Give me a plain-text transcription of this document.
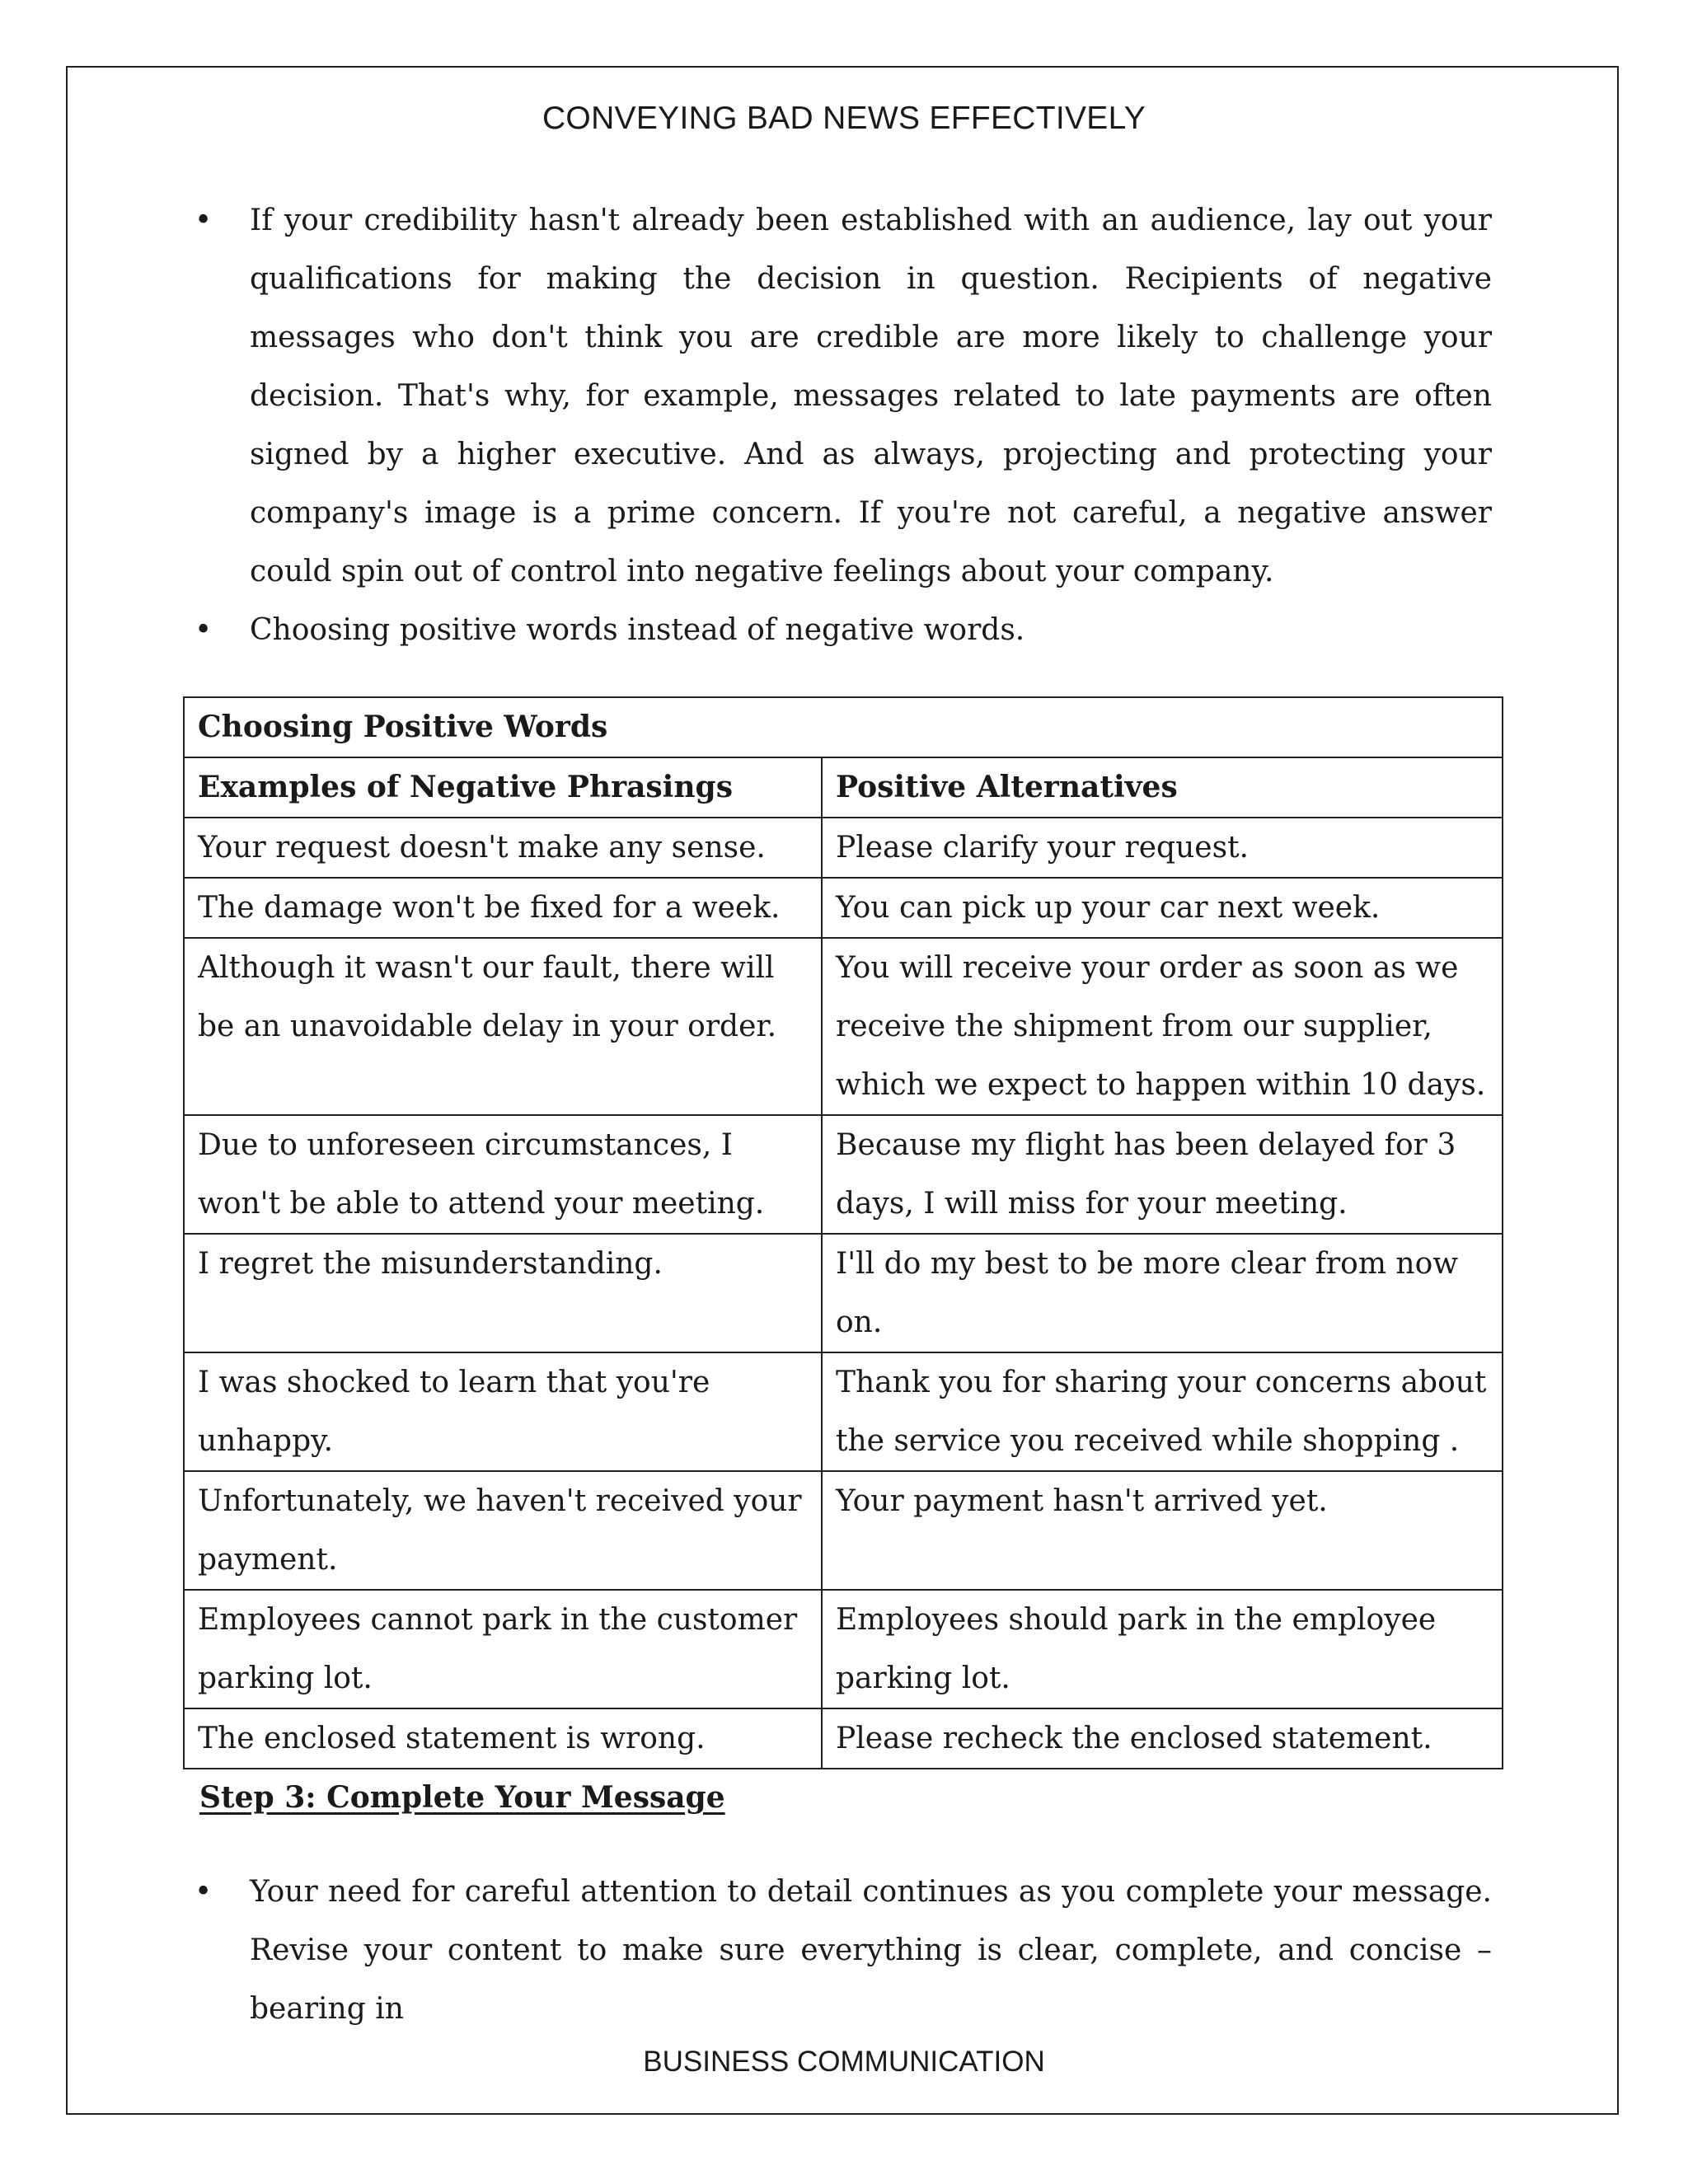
CONVEYING BAD NEWS EFFECTIVELY
• If your credibility hasn't already been established with an audience, lay out your qualifications for making the decision in question. Recipients of negative messages who don't think you are credible are more likely to challenge your decision. That's why, for example, messages related to late payments are often signed by a higher executive. And as always, projecting and protecting your company's image is a prime concern. If you're not careful, a negative answer could spin out of control into negative feelings about your company.
• Choosing positive words instead of negative words.
Choosing Positive Words	
Examples of Negative Phrasings	Positive Alternatives
Your request doesn't make any sense.	Please clarify your request.
The damage won't be fixed for a week.	You can pick up your car next week.
Although it wasn't our fault, there will be an unavoidable delay in your order.	You will receive your order as soon as we receive the shipment from our supplier, which we expect to happen within 10 days.
Due to unforeseen circumstances, I won't be able to attend your meeting.	Because my flight has been delayed for 3 days, I will miss for your meeting.
I regret the misunderstanding.	I'll do my best to be more clear from now on.
I was shocked to learn that you're unhappy.	Thank you for sharing your concerns about the service you received while shopping .
Unfortunately, we haven't received your payment.	Your payment hasn't arrived yet.
Employees cannot park in the customer parking lot.	Employees should park in the employee parking lot.
The enclosed statement is wrong.	Please recheck the enclosed statement.
Step 3: Complete Your Message
• Your need for careful attention to detail continues as you complete your message. Revise your content to make sure everything is clear, complete, and concise – bearing in
BUSINESS COMMUNICATION
